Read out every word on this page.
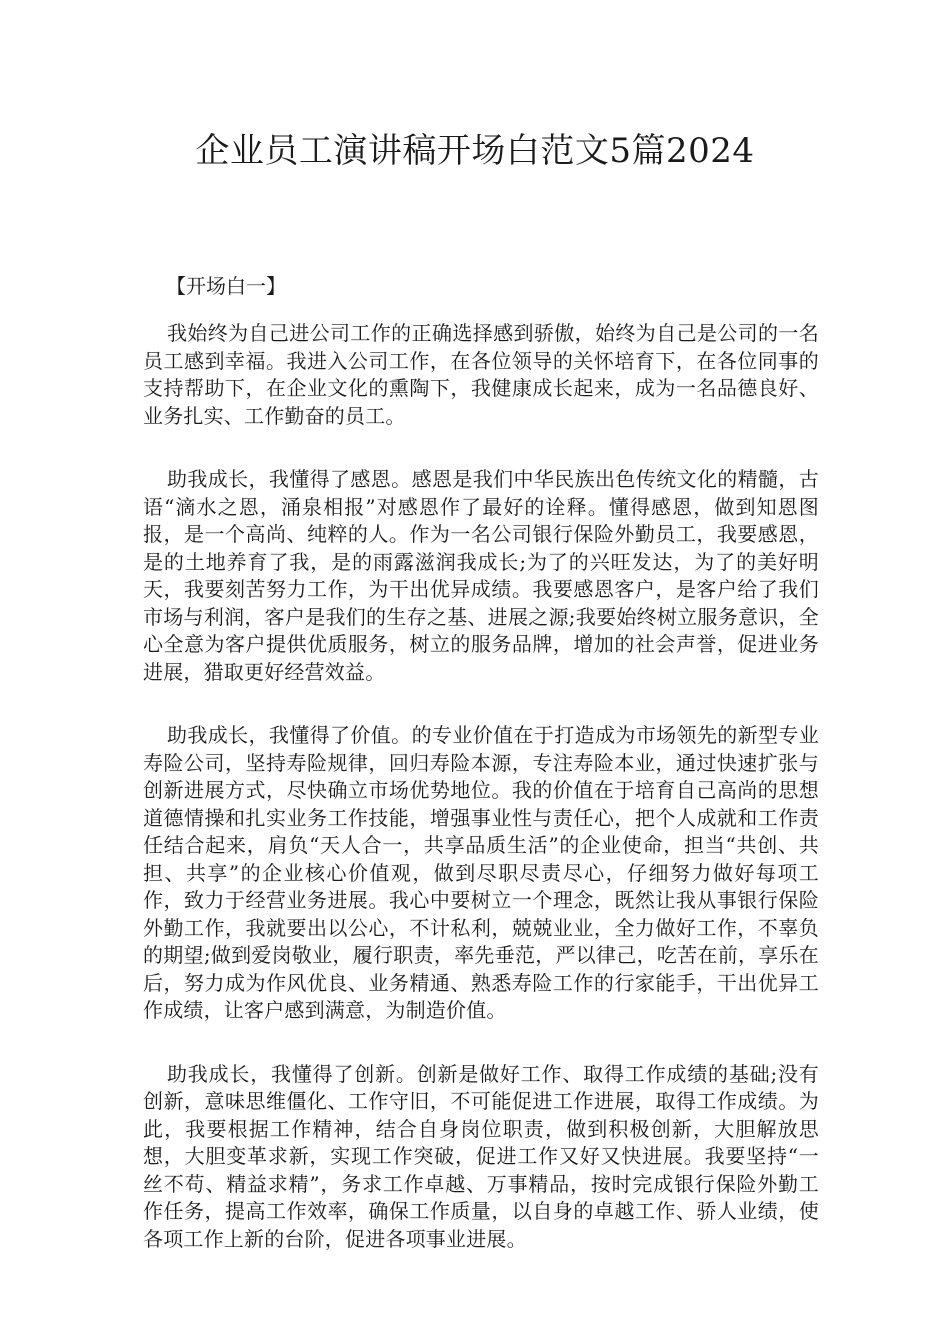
企业员工演讲稿开场白范文5篇2024

【开场白一】

我始终为自己进公司工作的正确选择感到骄傲，始终为自己是公司的一名员工感到幸福。我进入公司工作，在各位领导的关怀培育下，在各位同事的支持帮助下，在企业文化的熏陶下，我健康成长起来，成为一名品德良好、业务扎实、工作勤奋的员工。

助我成长，我懂得了感恩。感恩是我们中华民族出色传统文化的精髓，古语“滴水之恩，涌泉相报”对感恩作了最好的诠释。懂得感恩，做到知恩图报，是一个高尚、纯粹的人。作为一名公司银行保险外勤员工，我要感恩，是的土地养育了我，是的雨露滋润我成长;为了的兴旺发达，为了的美好明天，我要刻苦努力工作，为干出优异成绩。我要感恩客户，是客户给了我们市场与利润，客户是我们的生存之基、进展之源;我要始终树立服务意识，全心全意为客户提供优质服务，树立的服务品牌，增加的社会声誉，促进业务进展，猎取更好经营效益。

助我成长，我懂得了价值。的专业价值在于打造成为市场领先的新型专业寿险公司，坚持寿险规律，回归寿险本源，专注寿险本业，通过快速扩张与创新进展方式，尽快确立市场优势地位。我的价值在于培育自己高尚的思想道德情操和扎实业务工作技能，增强事业性与责任心，把个人成就和工作责任结合起来，肩负“天人合一，共享品质生活”的企业使命，担当“共创、共担、共享”的企业核心价值观，做到尽职尽责尽心，仔细努力做好每项工作，致力于经营业务进展。我心中要树立一个理念，既然让我从事银行保险外勤工作，我就要出以公心，不计私利，兢兢业业，全力做好工作，不辜负的期望;做到爱岗敬业，履行职责，率先垂范，严以律己，吃苦在前，享乐在后，努力成为作风优良、业务精通、熟悉寿险工作的行家能手，干出优异工作成绩，让客户感到满意，为制造价值。

助我成长，我懂得了创新。创新是做好工作、取得工作成绩的基础;没有创新，意味思维僵化、工作守旧，不可能促进工作进展，取得工作成绩。为此，我要根据工作精神，结合自身岗位职责，做到积极创新，大胆解放思想，大胆变革求新，实现工作突破，促进工作又好又快进展。我要坚持“一丝不苟、精益求精”，务求工作卓越、万事精品，按时完成银行保险外勤工作任务，提高工作效率，确保工作质量，以自身的卓越工作、骄人业绩，使各项工作上新的台阶，促进各项事业进展。
